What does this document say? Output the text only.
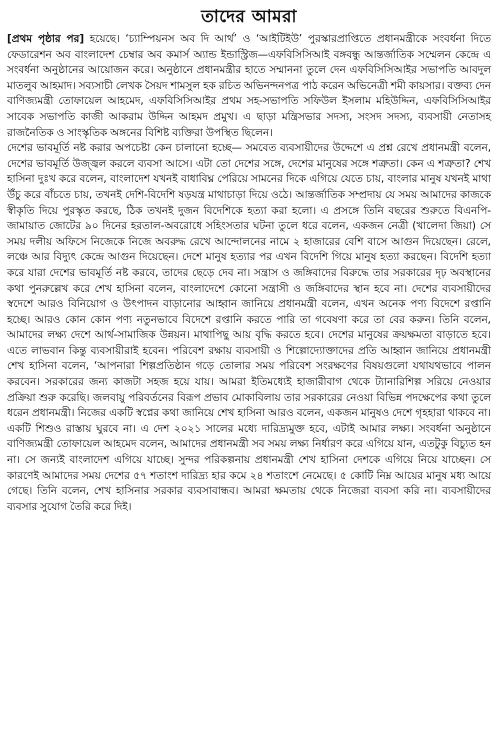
তাদের আমরা

[প্রথম পৃষ্ঠার পর] হয়েছে। ‘চ্যাম্পিয়নস অব দি আর্থ’ ও ‘আইটিইউ’ পুরস্কারপ্রাপ্তিতে প্রধানমন্ত্রীকে সংবর্ধনা দিতে ফেডারেশন অব বাংলাদেশ চেম্বার অব কমার্স অ্যান্ড ইন্ডাস্ট্রিজ—এফবিসিসিআই বঙ্গবন্ধু আন্তর্জাতিক সম্মেলন কেন্দ্রে এ সংবর্ধনা অনুষ্ঠানের আয়োজন করে। অনুষ্ঠানে প্রধানমন্ত্রীর হাতে সম্মাননা তুলে দেন এফবিসিসিআইর সভাপতি আবদুল মাতলুব আহমাদ। সব্যসাচী লেখক সৈয়দ শামসুল হক রচিত অভিনন্দনপত্র পাঠ করেন অভিনেত্রী শমী কায়সার। বক্তব্য দেন বাণিজ্যমন্ত্রী তোফায়েল আহমেদ, এফবিসিসিআইর প্রথম সহ-সভাপতি সফিউল ইসলাম মহিউদ্দিন, এফবিসিসিআইর সাবেক সভাপতি কাজী আকরাম উদ্দিন আহমদ প্রমুখ। এ ছাড়া মন্ত্রিসভার সদস্য, সংসদ সদস্য, ব্যবসায়ী নেতাসহ রাজনৈতিক ও সাংস্কৃতিক অঙ্গনের বিশিষ্ট ব্যক্তিরা উপস্থিত ছিলেন।

দেশের ভাবমূর্তি নষ্ট করার অপচেষ্টা কেন চালানো হচ্ছে— সমবেত ব্যবসায়ীদের উদ্দেশে এ প্রশ্ন রেখে প্রধানমন্ত্রী বলেন, দেশের ভাবমূর্তি উজ্জ্বল করলে ব্যবসা আসে। এটা তো দেশের সঙ্গে, দেশের মানুষের সঙ্গে শত্রুতা। কেন এ শত্রুতা? শেখ হাসিনা দুঃখ করে বলেন, বাংলাদেশ যখনই বাধাবিঘ্ন পেরিয়ে সামনের দিকে এগিয়ে যেতে চায়, বাংলার মানুষ যখনই মাথা উঁচু করে বাঁচতে চায়, তখনই দেশি-বিদেশি ষড়যন্ত্র মাথাচাড়া দিয়ে ওঠে। আন্তর্জাতিক সম্প্রদায় যে সময় আমাদের কাজকে স্বীকৃতি দিয়ে পুরস্কৃত করছে, ঠিক তখনই দুজন বিদেশিকে হত্যা করা হলো। এ প্রসঙ্গে তিনি বছরের শুরুতে বিএনপি-জামায়াত জোটের ৯০ দিনের হরতাল-অবরোধে সহিংসতার ঘটনা তুলে ধরে বলেন, একজন নেত্রী (খালেদা জিয়া) সে সময় দলীয় অফিসে নিজেকে নিজে অবরুদ্ধ রেখে আন্দোলনের নামে ২ হাজারের বেশি বাসে আগুন দিয়েছেন। রেলে, লঞ্চে আর বিদ্যুৎ কেন্দ্রে আগুন দিয়েছেন। দেশে মানুষ হত্যার পর এখন বিদেশি গিয়ে মানুষ হত্যা করছেন। বিদেশি হত্যা করে যারা দেশের ভাবমূর্তি নষ্ট করবে, তাদের ছেড়ে দেব না। সন্ত্রাস ও জঙ্গিবাদের বিরুদ্ধে তার সরকারের দৃঢ় অবস্থানের কথা পুনরুল্লেখ করে শেখ হাসিনা বলেন, বাংলাদেশে কোনো সন্ত্রাসী ও জঙ্গিবাদের স্থান হবে না। দেশের ব্যবসায়ীদের স্বদেশে আরও বিনিয়োগ ও উৎপাদন বাড়ানোর আহ্বান জানিয়ে প্রধানমন্ত্রী বলেন, এখন অনেক পণ্য বিদেশে রপ্তানি হচ্ছে। আরও কোন কোন পণ্য নতুনভাবে বিদেশে রপ্তানি করতে পারি তা গবেষণা করে তা বের করুন। তিনি বলেন, আমাদের লক্ষ্য দেশে আর্থ-সামাজিক উন্নয়ন। মাথাপিছু আয় বৃদ্ধি করতে হবে। দেশের মানুষের ক্রয়ক্ষমতা বাড়াতে হবে। এতে লাভবান কিন্তু ব্যবসায়ীরাই হবেন। পরিবেশ রক্ষায় ব্যবসায়ী ও শিল্পোদ্যোক্তাদের প্রতি আহ্বান জানিয়ে প্রধানমন্ত্রী শেখ হাসিনা বলেন, ‘আপনারা শিল্পপ্রতিষ্ঠান গড়ে তোলার সময় পরিবেশ সংরক্ষণের বিষয়গুলো যথাযথভাবে পালন করবেন। সরকারের জন্য কাজটা সহজ হয়ে যায়। আমরা ইতিমধ্যেই হাজারীবাগ থেকে ট্যানারিশিল্প সরিয়ে নেওয়ার প্রক্রিয়া শুরু করেছি। জলবায়ু পরিবর্তনের বিরূপ প্রভাব মোকাবিলায় তার সরকারের নেওয়া বিভিন্ন পদক্ষেপের কথা তুলে ধরেন প্রধানমন্ত্রী। নিজের একটি স্বপ্নের কথা জানিয়ে শেখ হাসিনা আরও বলেন, একজন মানুষও দেশে গৃহহারা থাকবে না। একটি শিশুও রাস্তায় ঘুরবে না। এ দেশ ২০২১ সালের মধ্যে দারিদ্র্যমুক্ত হবে, এটাই আমার লক্ষ্য। সংবর্ধনা অনুষ্ঠানে বাণিজ্যমন্ত্রী তোফায়েল আহমেদ বলেন, আমাদের প্রধানমন্ত্রী সব সময় লক্ষ্য নির্ধারণ করে এগিয়ে যান, এতটুকু বিচ্যুত হন না। সে জন্যই বাংলাদেশ এগিয়ে যাচ্ছে। সুন্দর পরিকল্পনায় প্রধানমন্ত্রী শেখ হাসিনা দেশকে এগিয়ে নিয়ে যাচ্ছেন। সে কারণেই আমাদের সময় দেশের ৫৭ শতাংশ দারিদ্র্য হার কমে ২৪ শতাংশে নেমেছে। ৫ কোটি নিম্ন আয়ের মানুষ মধ্য আয়ে গেছে। তিনি বলেন, শেখ হাসিনার সরকার ব্যবসাবান্ধব। আমরা ক্ষমতায় থেকে নিজেরা ব্যবসা করি না। ব্যবসায়ীদের ব্যবসার সুযোগ তৈরি করে দিই।
